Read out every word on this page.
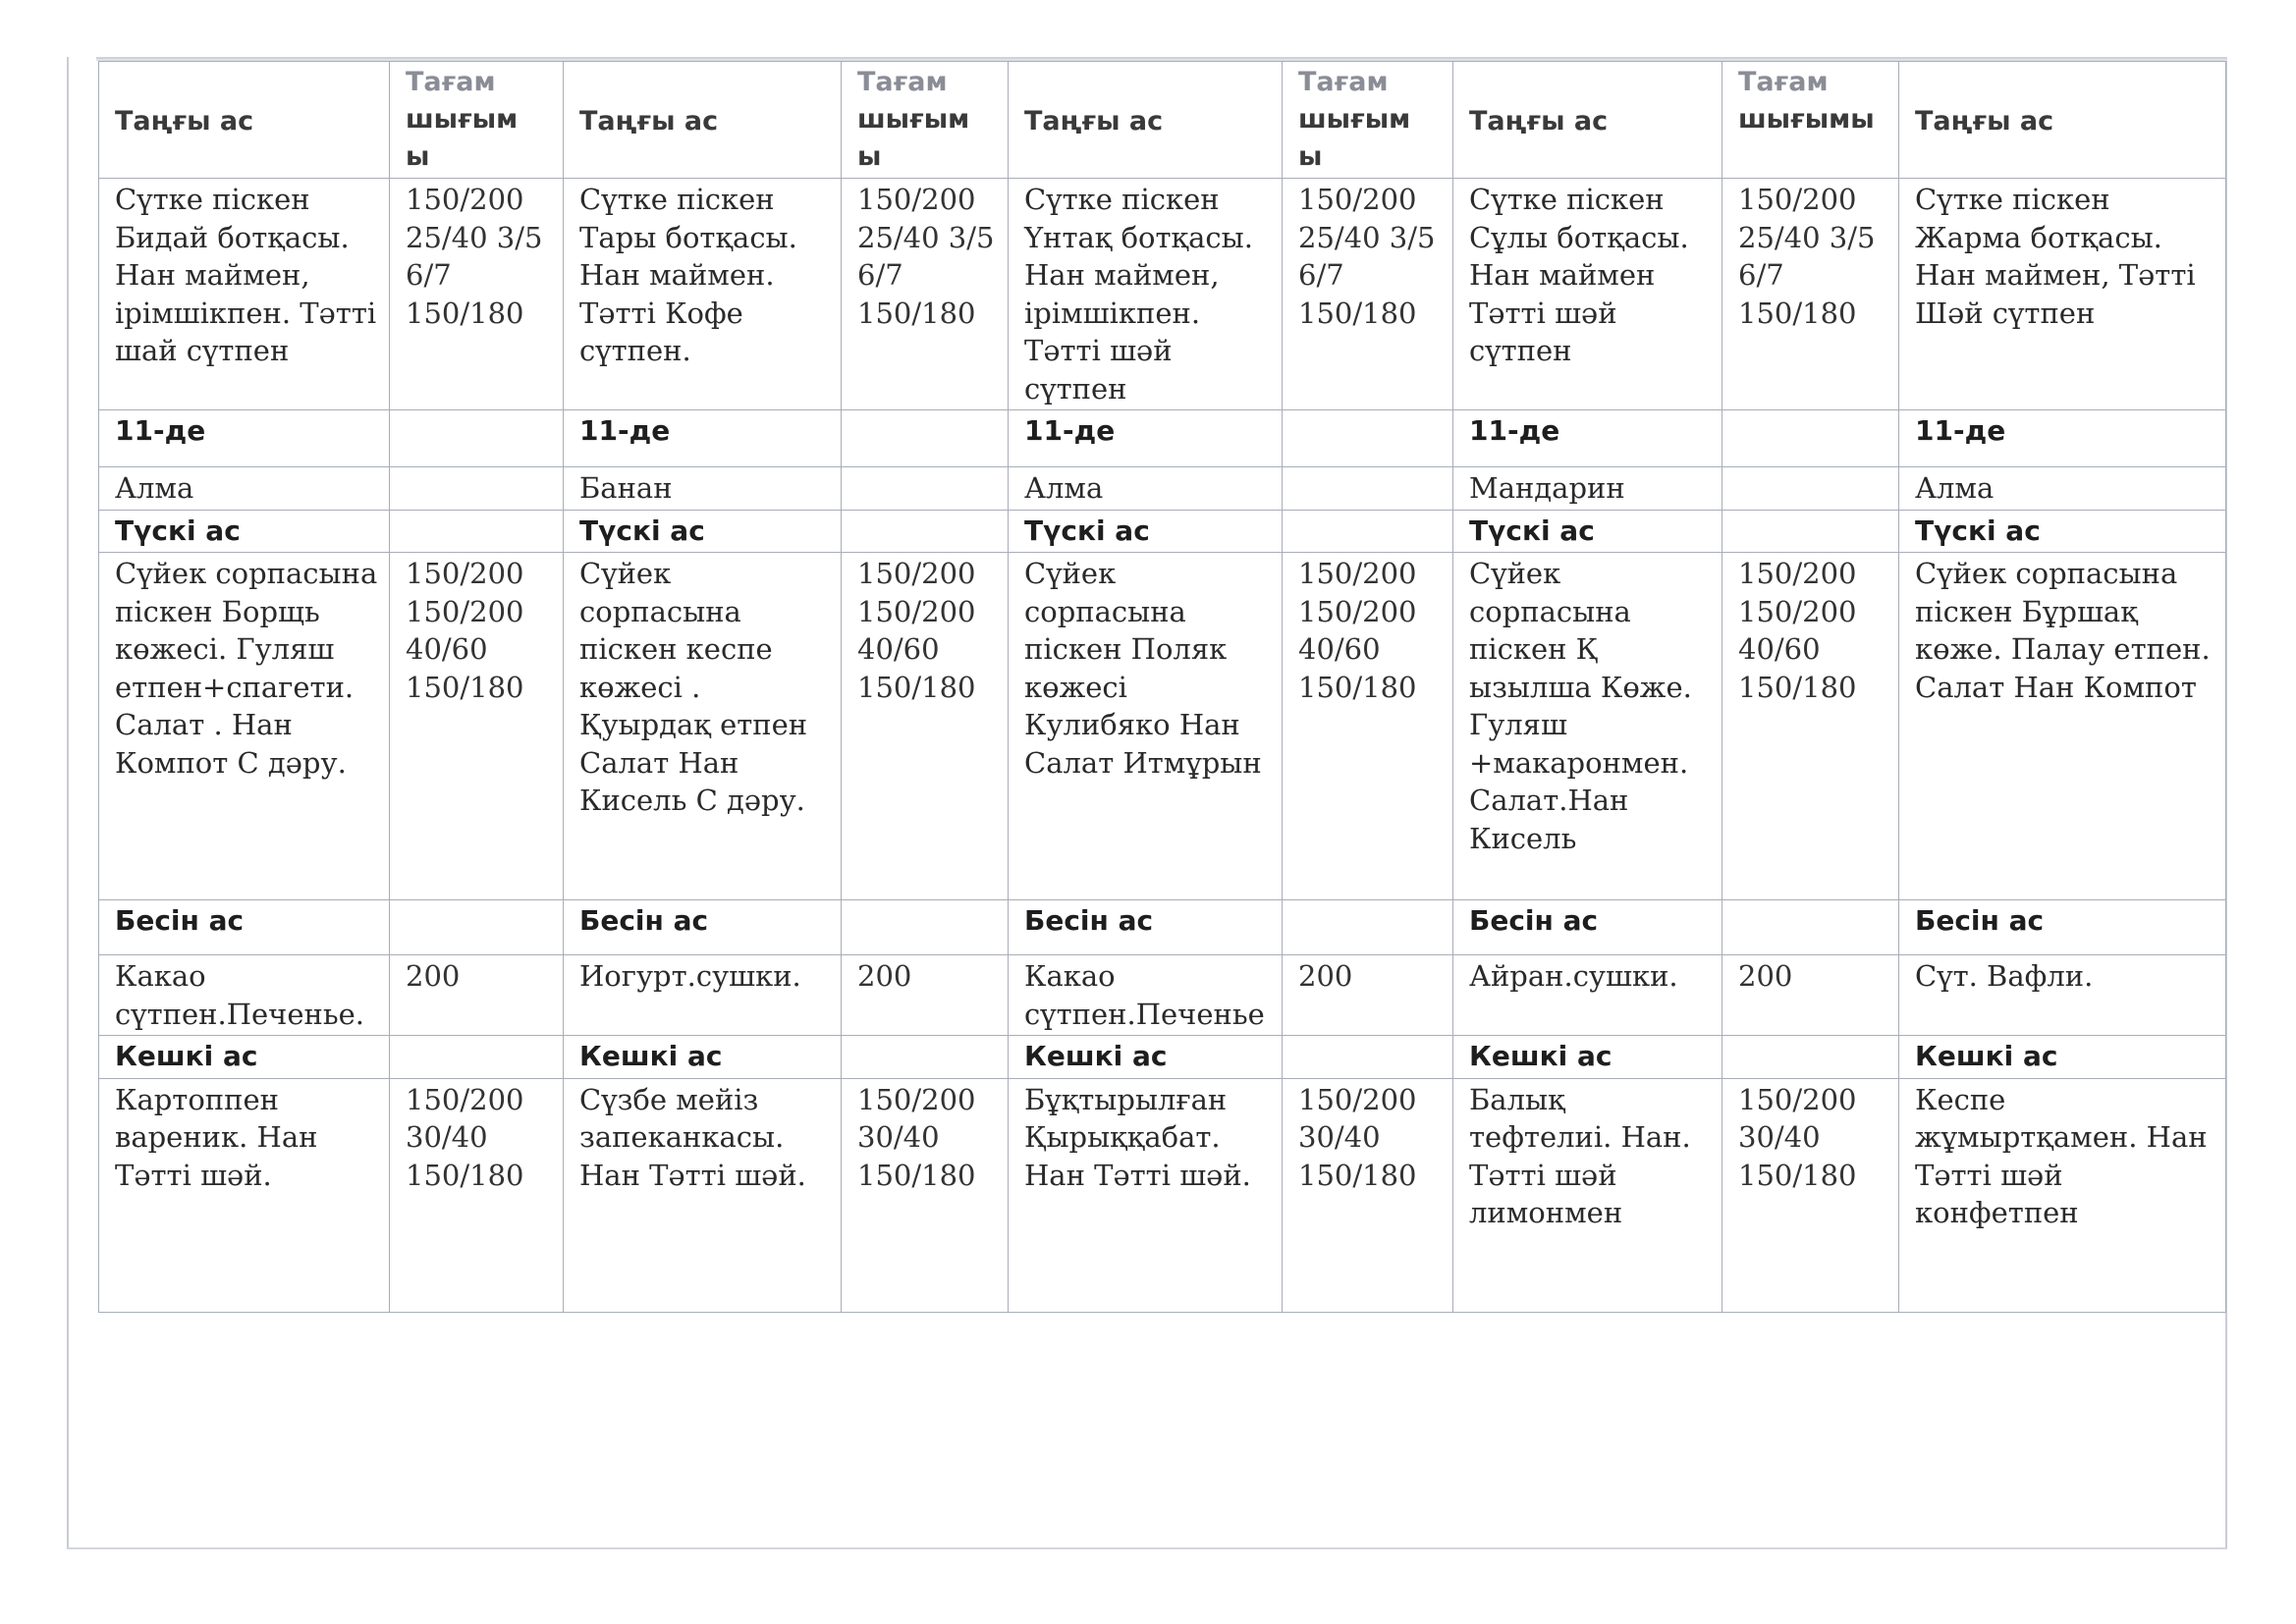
Таңғы ас	Тағам
шығым
ы	Таңғы ас	Тағам
шығым
ы	Таңғы ас	Тағам
шығым
ы	Таңғы ас	Тағам
шығымы	Таңғы ас
Сүтке піскен Бидай ботқасы. Нан маймен, ірімшікпен. Тәтті шай сүтпен	150/200 25/40 3/5 6/7 150/180	Сүтке піскен Тары ботқасы. Нан маймен. Тәтті Кофе сүтпен.	150/200 25/40 3/5 6/7 150/180	Сүтке піскен Үнтақ ботқасы. Нан маймен, ірімшікпен. Тәтті шәй сүтпен	150/200 25/40 3/5 6/7 150/180	Сүтке піскен Сұлы ботқасы. Нан маймен Тәтті шәй сүтпен	150/200 25/40 3/5 6/7 150/180	Сүтке піскен Жарма ботқасы. Нан маймен, Тәтті Шәй сүтпен
11-де		11-де		11-де		11-де		11-де
Алма		Банан		Алма		Мандарин		Алма
Түскі ас		Түскі ас		Түскі ас		Түскі ас		Түскі ас
Сүйек сорпасына піскен Борщь көжесі. Гуляш етпен+спагети. Салат . Нан Компот С дәру.	150/200 150/200 40/60 150/180	Сүйек сорпасына піскен кеспе көжесі . Қуырдақ етпен Салат Нан Кисель С дәру.	150/200 150/200 40/60 150/180	Сүйек сорпасына піскен Поляк көжесі Кулибяко Нан Салат Итмұрын	150/200 150/200 40/60 150/180	Сүйек сорпасына піскен Қ ызылша Көже. Гуляш +макаронмен. Салат.Нан Кисель	150/200 150/200 40/60 150/180	Сүйек сорпасына піскен Бұршақ көже. Палау етпен. Салат Нан Компот
Бесін ас		Бесін ас		Бесін ас		Бесін ас		Бесін ас
Какао сүтпен.Печенье.	200	Иогурт.сушки.	200	Какао сүтпен.Печенье	200	Айран.сушки.	200	Сүт. Вафли.
Кешкі ас		Кешкі ас		Кешкі ас		Кешкі ас		Кешкі ас
Картоппен вареник. Нан Тәтті шәй.	150/200 30/40 150/180	Сүзбе мейіз запеканкасы. Нан Тәтті шәй.	150/200 30/40 150/180	Бұқтырылған Қырыққабат. Нан Тәтті шәй.	150/200 30/40 150/180	Балық тефтелиі. Нан. Тәтті шәй лимонмен	150/200 30/40 150/180	Кеспе жұмыртқамен. Нан Тәтті шәй конфетпен
